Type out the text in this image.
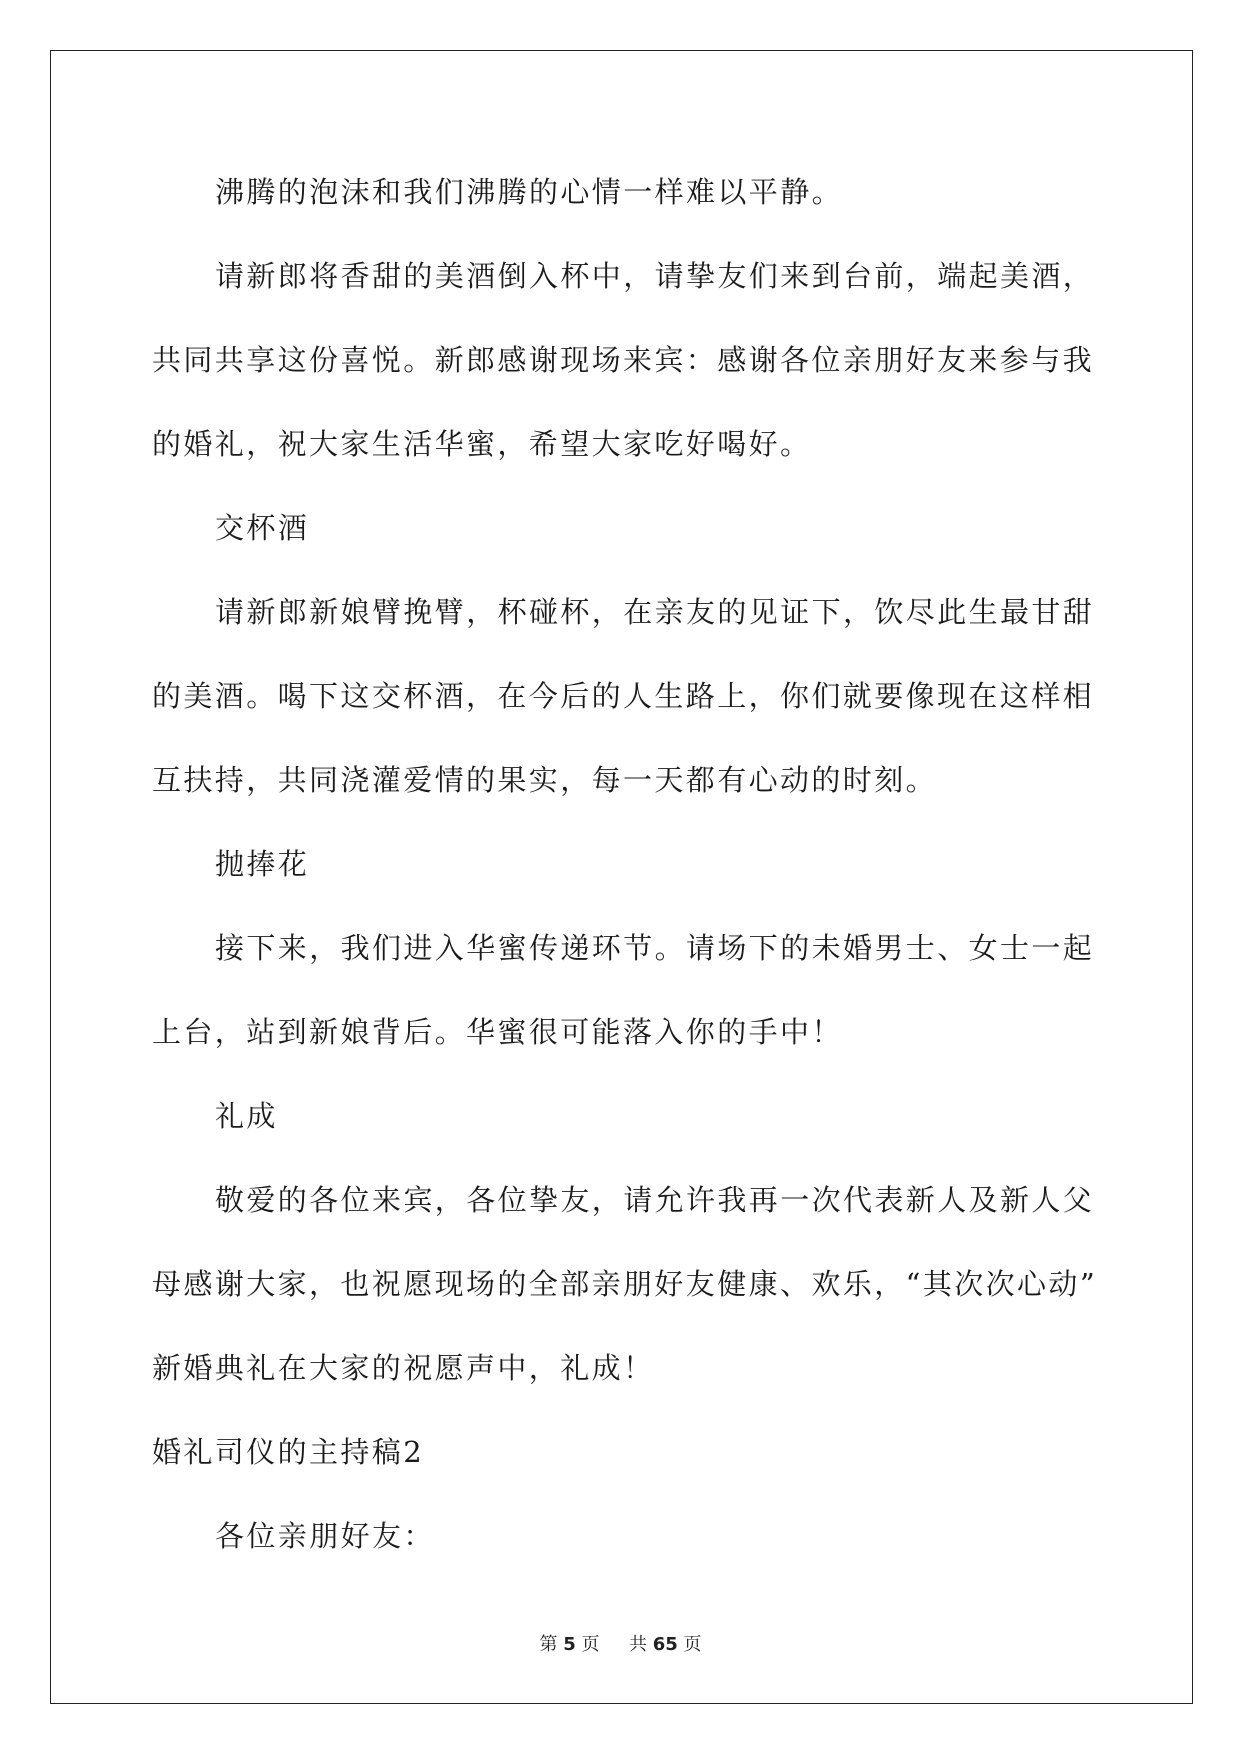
沸腾的泡沫和我们沸腾的心情一样难以平静。

请新郎将香甜的美酒倒入杯中，请挚友们来到台前，端起美酒，

共同共享这份喜悦。新郎感谢现场来宾：感谢各位亲朋好友来参与我

的婚礼，祝大家生活华蜜，希望大家吃好喝好。

交杯酒

请新郎新娘臂挽臂，杯碰杯，在亲友的见证下，饮尽此生最甘甜

的美酒。喝下这交杯酒，在今后的人生路上，你们就要像现在这样相

互扶持，共同浇灌爱情的果实，每一天都有心动的时刻。

抛捧花

接下来，我们进入华蜜传递环节。请场下的未婚男士、女士一起

上台，站到新娘背后。华蜜很可能落入你的手中！

礼成

敬爱的各位来宾，各位挚友，请允许我再一次代表新人及新人父

母感谢大家，也祝愿现场的全部亲朋好友健康、欢乐，“其次次心动”

新婚典礼在大家的祝愿声中，礼成！

婚礼司仪的主持稿2

各位亲朋好友：

第 5 页 共 65 页
